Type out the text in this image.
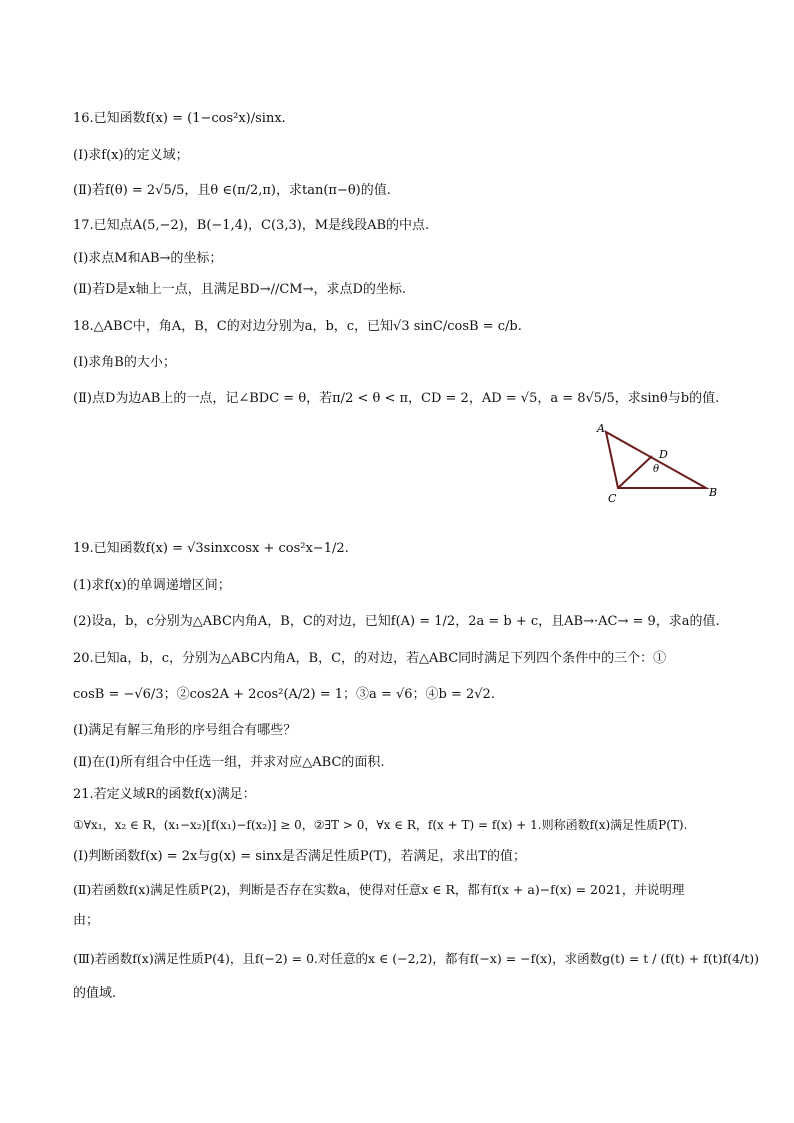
16.已知函数f(x) = (1−cos²x)/sinx.
(Ⅰ)求f(x)的定义域；
(Ⅱ)若f(θ) = 2√5/5，且θ ∈(π/2,π)，求tan(π−θ)的值.
17.已知点A(5,−2)，B(−1,4)，C(3,3)，M是线段AB的中点.
(Ⅰ)求点M和AB→的坐标；
(Ⅱ)若D是x轴上一点，且满足BD→//CM→，求点D的坐标.
18.△ABC中，角A，B，C的对边分别为a，b，c，已知√3 sinC/cosB = c/b.
(Ⅰ)求角B的大小；
(Ⅱ)点D为边AB上的一点，记∠BDC = θ，若π/2 < θ < π，CD = 2，AD = √5，a = 8√5/5，求sinθ与b的值.
A
C	B
D
θ
19.已知函数f(x) = √3sinxcosx + cos²x−1/2.
(1)求f(x)的单调递增区间；
(2)设a，b，c分别为△ABC内角A，B，C的对边，已知f(A) = 1/2，2a = b + c，且AB→·AC→ = 9，求a的值.
20.已知a，b，c，分别为△ABC内角A，B，C，的对边，若△ABC同时满足下列四个条件中的三个：①
cosB = −√6/3；②cos2A + 2cos²(A/2) = 1；③a = √6；④b = 2√2.
(Ⅰ)满足有解三角形的序号组合有哪些？
(Ⅱ)在(Ⅰ)所有组合中任选一组，并求对应△ABC的面积.
21.若定义域R的函数f(x)满足：
①∀x₁，x₂ ∈ R，(x₁−x₂)[f(x₁)−f(x₂)] ≥ 0，②∃T > 0，∀x ∈ R，f(x + T) = f(x) + 1.则称函数f(x)满足性质P(T).
(Ⅰ)判断函数f(x) = 2x与g(x) = sinx是否满足性质P(T)，若满足，求出T的值；
(Ⅱ)若函数f(x)满足性质P(2)，判断是否存在实数a，使得对任意x ∈ R，都有f(x + a)−f(x) = 2021，并说明理
由；
(Ⅲ)若函数f(x)满足性质P(4)，且f(−2) = 0.对任意的x ∈ (−2,2)，都有f(−x) = −f(x)，求函数g(t) = t / (f(t) + f(t)f(4/t))
的值域.
